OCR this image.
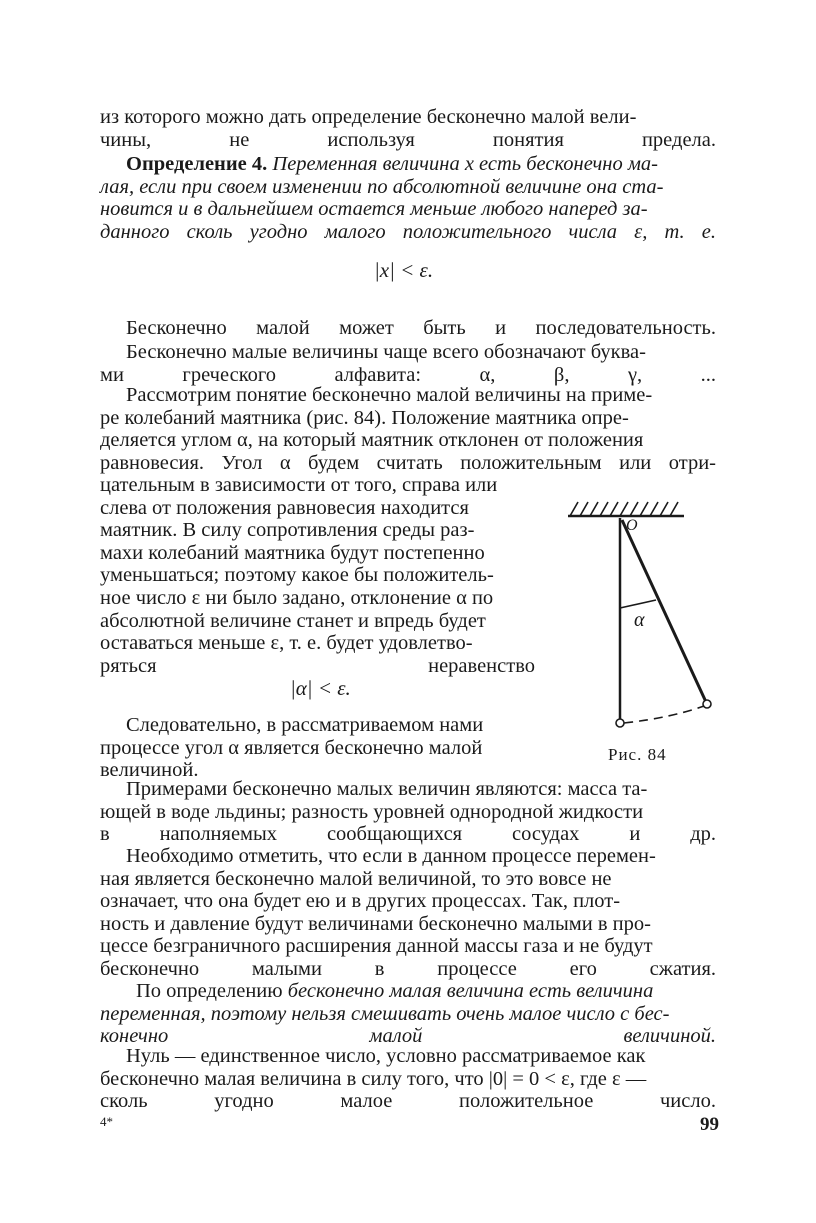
из которого можно дать определение бесконечно малой вели-
чины, не используя понятия предела.

Определение 4. Переменная величина x есть бесконечно ма-
лая, если при своем изменении по абсолютной величине она ста-
новится и в дальнейшем остается меньше любого наперед за-
данного сколь угодно малого положительного числа ε, т. е.

|x| < ε.

Бесконечно малой может быть и последовательность.

Бесконечно малые величины чаще всего обозначают буква-
ми греческого алфавита: α, β, γ, ...

Рассмотрим понятие бесконечно малой величины на приме-
ре колебаний маятника (рис. 84). Положение маятника опре-
деляется углом α, на который маятник отклонен от положения
равновесия. Угол α будем считать положительным или отри-

цательным в зависимости от того, справа или
слева от положения равновесия находится
маятник. В силу сопротивления среды раз-
махи колебаний маятника будут постепенно
уменьшаться; поэтому какое бы положитель-
ное число ε ни было задано, отклонение α по
абсолютной величине станет и впредь будет
оставаться меньше ε, т. е. будет удовлетво-
ряться неравенство

|α| < ε.

Следовательно, в рассматриваемом нами
процессе угол α является бесконечно малой
величиной.

O
α
Рис. 84

Примерами бесконечно малых величин являются: масса та-
ющей в воде льдины; разность уровней однородной жидкости
в наполняемых сообщающихся сосудах и др.

Необходимо отметить, что если в данном процессе перемен-
ная является бесконечно малой величиной, то это вовсе не
означает, что она будет ею и в других процессах. Так, плот-
ность и давление будут величинами бесконечно малыми в про-
цессе безграничного расширения данной массы газа и не будут
бесконечно малыми в процессе его сжатия.

По определению бесконечно малая величина есть величина
переменная, поэтому нельзя смешивать очень малое число с бес-
конечно малой величиной.

Нуль — единственное число, условно рассматриваемое как
бесконечно малая величина в силу того, что |0| = 0 < ε, где ε —
сколь угодно малое положительное число.

4*	99
